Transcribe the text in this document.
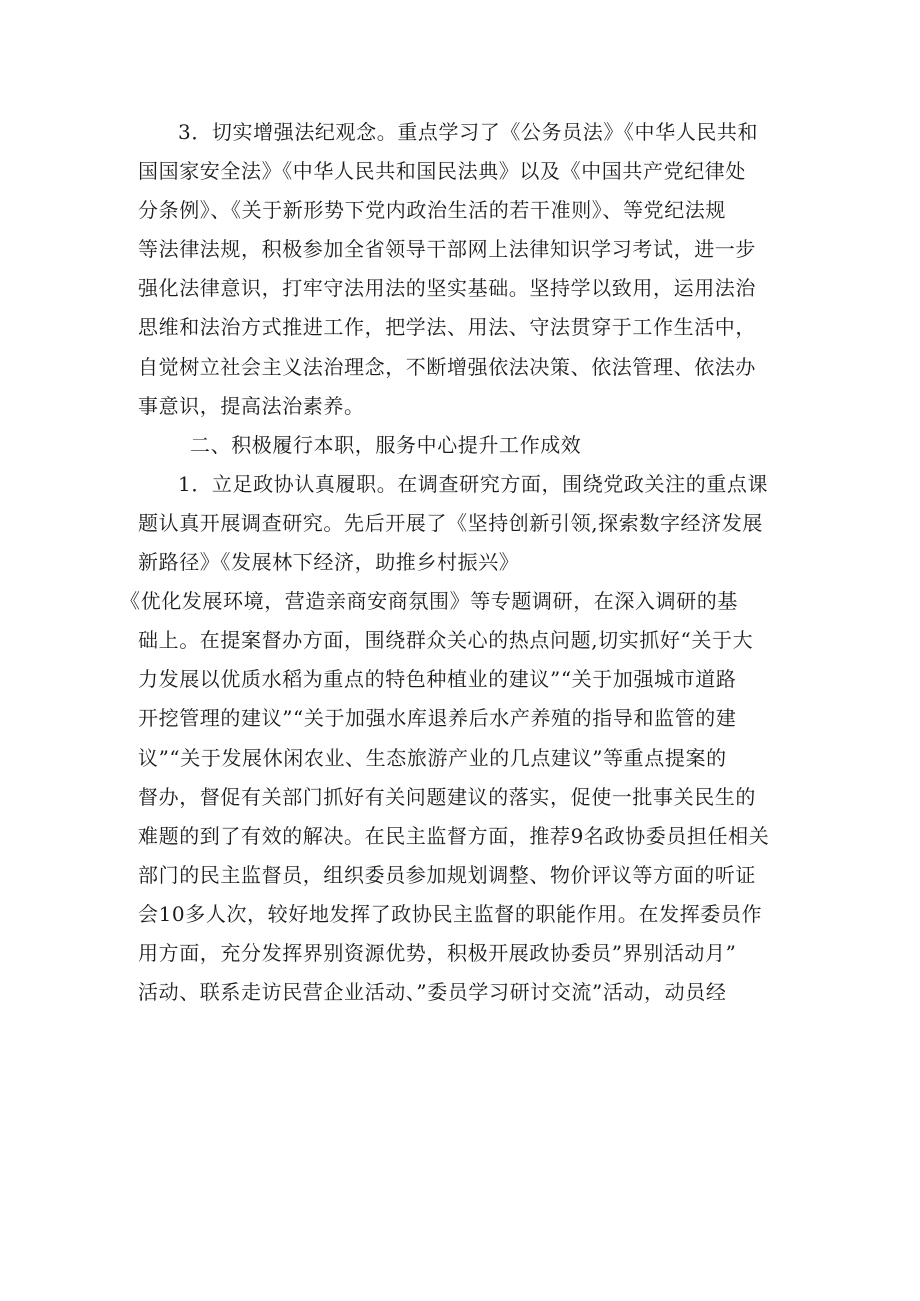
3．切实增强法纪观念。重点学习了《公务员法》《中华人民共和
国国家安全法》《中华人民共和国民法典》以及《中国共产党纪律处
分条例》、《关于新形势下党内政治生活的若干准则》、等党纪法规
等法律法规，积极参加全省领导干部网上法律知识学习考试，进一步
强化法律意识，打牢守法用法的坚实基础。坚持学以致用，运用法治
思维和法治方式推进工作，把学法、用法、守法贯穿于工作生活中，
自觉树立社会主义法治理念，不断增强依法决策、依法管理、依法办
事意识，提高法治素养。
二、积极履行本职，服务中心提升工作成效
1．立足政协认真履职。在调查研究方面，围绕党政关注的重点课
题认真开展调查研究。先后开展了《坚持创新引领,探索数字经济发展
新路径》《发展林下经济，助推乡村振兴》
《优化发展环境，营造亲商安商氛围》等专题调研，在深入调研的基
础上。在提案督办方面，围绕群众关心的热点问题,切实抓好“关于大
力发展以优质水稻为重点的特色种植业的建议”“关于加强城市道路
开挖管理的建议”“关于加强水库退养后水产养殖的指导和监管的建
议”“关于发展休闲农业、生态旅游产业的几点建议”等重点提案的
督办，督促有关部门抓好有关问题建议的落实，促使一批事关民生的
难题的到了有效的解决。在民主监督方面，推荐9名政协委员担任相关
部门的民主监督员，组织委员参加规划调整、物价评议等方面的听证
会10多人次，较好地发挥了政协民主监督的职能作用。在发挥委员作
用方面，充分发挥界别资源优势，积极开展政协委员”界别活动月”
活动、联系走访民营企业活动、”委员学习研讨交流”活动，动员经
